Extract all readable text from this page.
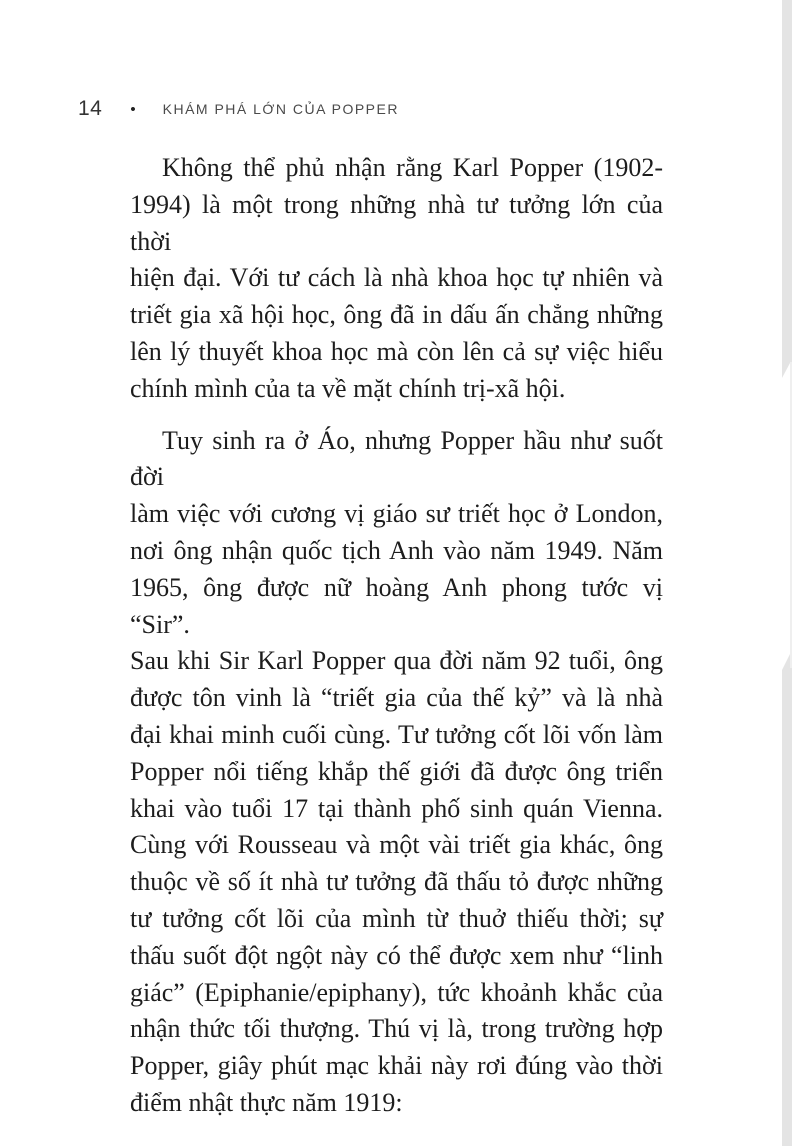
14 • KHÁM PHÁ LỚN CỦA POPPER
Không thể phủ nhận rằng Karl Popper (1902-
1994) là một trong những nhà tư tưởng lớn của thời
hiện đại. Với tư cách là nhà khoa học tự nhiên và
triết gia xã hội học, ông đã in dấu ấn chẳng những
lên lý thuyết khoa học mà còn lên cả sự việc hiểu
chính mình của ta về mặt chính trị-xã hội.
Tuy sinh ra ở Áo, nhưng Popper hầu như suốt đời
làm việc với cương vị giáo sư triết học ở London,
nơi ông nhận quốc tịch Anh vào năm 1949. Năm
1965, ông được nữ hoàng Anh phong tước vị “Sir”.
Sau khi Sir Karl Popper qua đời năm 92 tuổi, ông
được tôn vinh là “triết gia của thế kỷ” và là nhà
đại khai minh cuối cùng. Tư tưởng cốt lõi vốn làm
Popper nổi tiếng khắp thế giới đã được ông triển
khai vào tuổi 17 tại thành phố sinh quán Vienna.
Cùng với Rousseau và một vài triết gia khác, ông
thuộc về số ít nhà tư tưởng đã thấu tỏ được những
tư tưởng cốt lõi của mình từ thuở thiếu thời; sự
thấu suốt đột ngột này có thể được xem như “linh
giác” (Epiphanie/epiphany), tức khoảnh khắc của
nhận thức tối thượng. Thú vị là, trong trường hợp
Popper, giây phút mạc khải này rơi đúng vào thời
điểm nhật thực năm 1919:
